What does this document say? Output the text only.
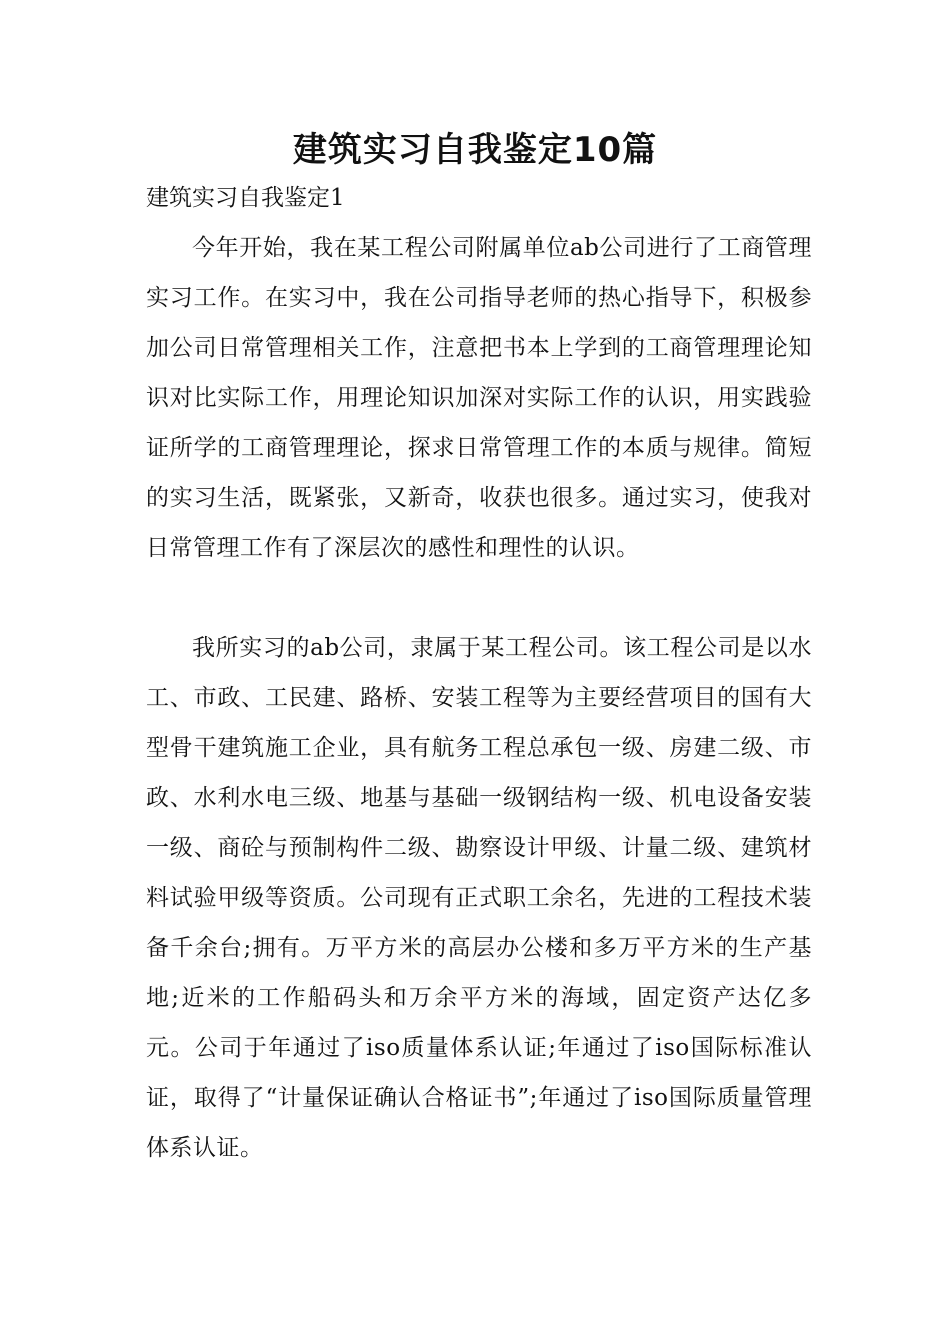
建筑实习自我鉴定10篇
建筑实习自我鉴定1

今年开始，我在某工程公司附属单位ab公司进行了工商管理实习工作。在实习中，我在公司指导老师的热心指导下，积极参加公司日常管理相关工作，注意把书本上学到的工商管理理论知识对比实际工作，用理论知识加深对实际工作的认识，用实践验证所学的工商管理理论，探求日常管理工作的本质与规律。简短的实习生活，既紧张，又新奇，收获也很多。通过实习，使我对日常管理工作有了深层次的感性和理性的认识。

我所实习的ab公司，隶属于某工程公司。该工程公司是以水工、市政、工民建、路桥、安装工程等为主要经营项目的国有大型骨干建筑施工企业，具有航务工程总承包一级、房建二级、市政、水利水电三级、地基与基础一级钢结构一级、机电设备安装一级、商砼与预制构件二级、勘察设计甲级、计量二级、建筑材料试验甲级等资质。公司现有正式职工余名，先进的工程技术装备千余台;拥有。万平方米的高层办公楼和多万平方米的生产基地;近米的工作船码头和万余平方米的海域，固定资产达亿多元。公司于年通过了iso质量体系认证;年通过了iso国际标准认证，取得了“计量保证确认合格证书”;年通过了iso国际质量管理体系认证。
